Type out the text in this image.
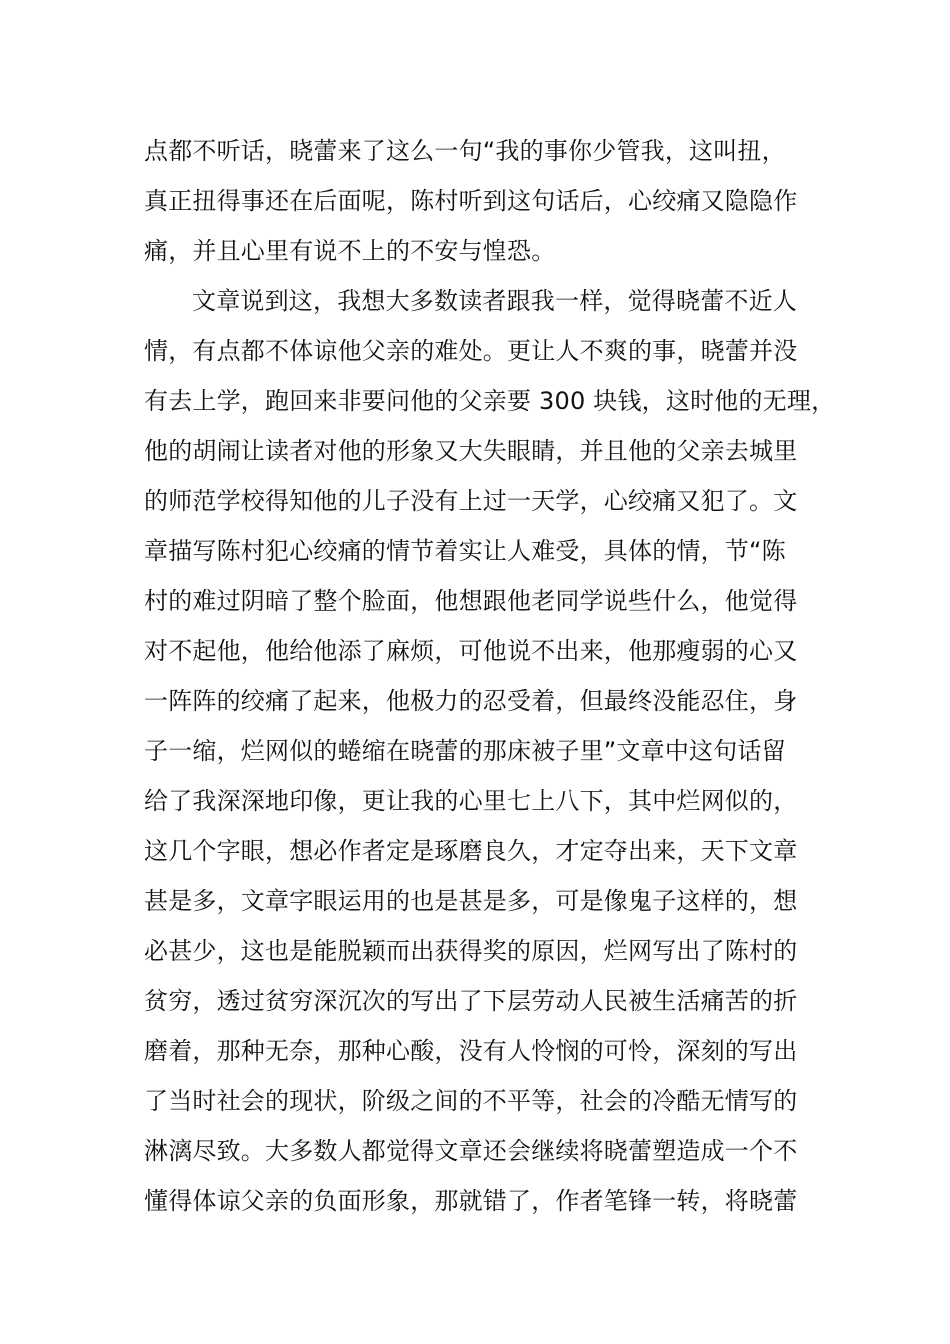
点都不听话，晓蕾来了这么一句“我的事你少管我，这叫扭，
真正扭得事还在后面呢，陈村听到这句话后，心绞痛又隐隐作
痛，并且心里有说不上的不安与惶恐。
文章说到这，我想大多数读者跟我一样，觉得晓蕾不近人
情，有点都不体谅他父亲的难处。更让人不爽的事，晓蕾并没
有去上学，跑回来非要问他的父亲要 300 块钱，这时他的无理，
他的胡闹让读者对他的形象又大失眼睛，并且他的父亲去城里
的师范学校得知他的儿子没有上过一天学，心绞痛又犯了。文
章描写陈村犯心绞痛的情节着实让人难受，具体的情，节“陈
村的难过阴暗了整个脸面，他想跟他老同学说些什么，他觉得
对不起他，他给他添了麻烦，可他说不出来，他那瘦弱的心又
一阵阵的绞痛了起来，他极力的忍受着，但最终没能忍住，身
子一缩，烂网似的蜷缩在晓蕾的那床被子里”文章中这句话留
给了我深深地印像，更让我的心里七上八下，其中烂网似的，
这几个字眼，想必作者定是琢磨良久，才定夺出来，天下文章
甚是多，文章字眼运用的也是甚是多，可是像鬼子这样的，想
必甚少，这也是能脱颖而出获得奖的原因，烂网写出了陈村的
贫穷，透过贫穷深沉次的写出了下层劳动人民被生活痛苦的折
磨着，那种无奈，那种心酸，没有人怜悯的可怜，深刻的写出
了当时社会的现状，阶级之间的不平等，社会的冷酷无情写的
淋漓尽致。大多数人都觉得文章还会继续将晓蕾塑造成一个不
懂得体谅父亲的负面形象，那就错了，作者笔锋一转，将晓蕾
